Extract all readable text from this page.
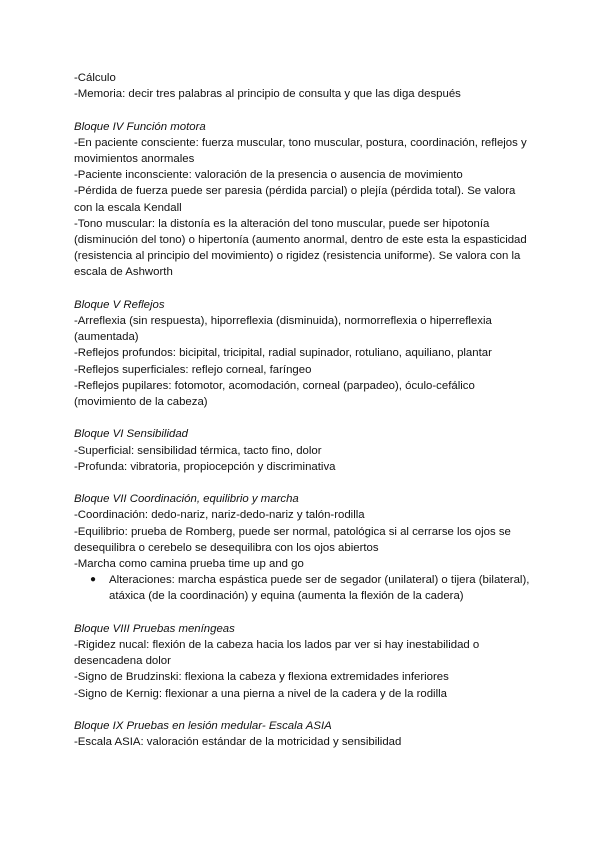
-Cálculo
-Memoria: decir tres palabras al principio de consulta y que las diga después
Bloque IV Función motora
-En paciente consciente: fuerza muscular, tono muscular, postura, coordinación, reflejos y movimientos anormales
-Paciente inconsciente: valoración de la presencia o ausencia de movimiento
-Pérdida de fuerza puede ser paresia (pérdida parcial) o plejía (pérdida total). Se valora con la escala Kendall
-Tono muscular: la distonía es la alteración del tono muscular, puede ser hipotonía (disminución del tono) o hipertonía (aumento anormal, dentro de este esta la espasticidad (resistencia al principio del movimiento) o rigidez (resistencia uniforme). Se valora con la escala de Ashworth
Bloque V Reflejos
-Arreflexia (sin respuesta), hiporreflexia (disminuida), normorreflexia o hiperreflexia (aumentada)
-Reflejos profundos: bicipital, tricipital, radial supinador, rotuliano, aquiliano, plantar
-Reflejos superficiales: reflejo corneal, faríngeo
-Reflejos pupilares: fotomotor, acomodación, corneal (parpadeo), óculo-cefálico (movimiento de la cabeza)
Bloque VI Sensibilidad
-Superficial: sensibilidad térmica, tacto fino, dolor
-Profunda: vibratoria, propiocepción y discriminativa
Bloque VII Coordinación, equilibrio y marcha
-Coordinación: dedo-nariz, nariz-dedo-nariz y talón-rodilla
-Equilibrio: prueba de Romberg, puede ser normal, patológica si al cerrarse los ojos se desequilibra o cerebelo se desequilibra con los ojos abiertos
-Marcha como camina prueba time up and go
● Alteraciones: marcha espástica puede ser de segador (unilateral) o tijera (bilateral), atáxica (de la coordinación) y equina (aumenta la flexión de la cadera)
Bloque VIII Pruebas meníngeas
-Rigidez nucal: flexión de la cabeza hacia los lados par ver si hay inestabilidad o desencadena dolor
-Signo de Brudzinski: flexiona la cabeza y flexiona extremidades inferiores
-Signo de Kernig: flexionar a una pierna a nivel de la cadera y de la rodilla
Bloque IX Pruebas en lesión medular- Escala ASIA
-Escala ASIA: valoración estándar de la motricidad y sensibilidad
